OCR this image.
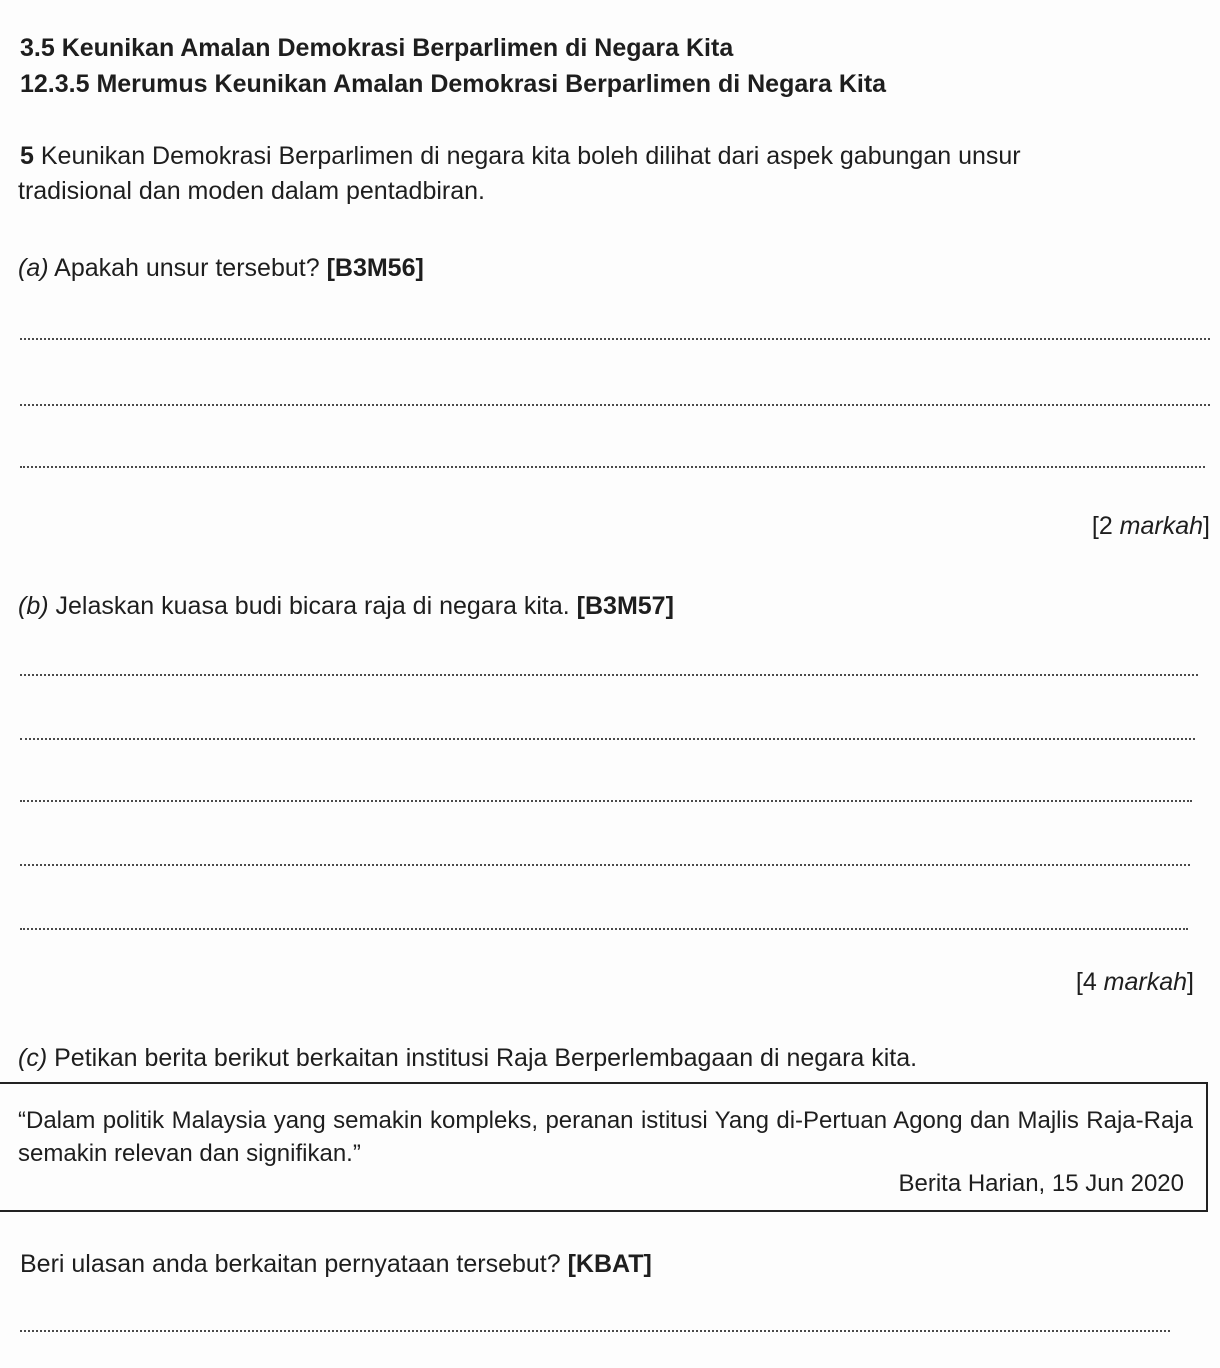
3.5 Keunikan Amalan Demokrasi Berparlimen di Negara Kita
12.3.5 Merumus Keunikan Amalan Demokrasi Berparlimen di Negara Kita
5 Keunikan Demokrasi Berparlimen di negara kita boleh dilihat dari aspek gabungan unsur
tradisional dan moden dalam pentadbiran.
(a) Apakah unsur tersebut? [B3M56]
[2 markah]
(b) Jelaskan kuasa budi bicara raja di negara kita. [B3M57]
[4 markah]
(c) Petikan berita berikut berkaitan institusi Raja Berperlembagaan di negara kita.
“Dalam politik Malaysia yang semakin kompleks, peranan istitusi Yang di-Pertuan Agong dan Majlis Raja-Raja semakin relevan dan signifikan.”
Berita Harian, 15 Jun 2020
Beri ulasan anda berkaitan pernyataan tersebut? [KBAT]
